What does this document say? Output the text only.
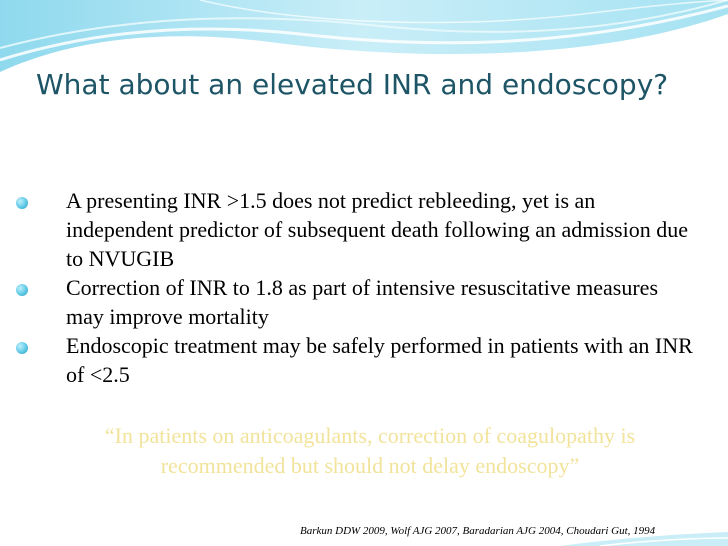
What about an elevated INR and endoscopy?
A presenting INR >1.5 does not predict rebleeding, yet is an independent predictor of subsequent death following an admission due to NVUGIB
Correction of INR to 1.8 as part of intensive resuscitative measures may improve mortality
Endoscopic treatment may be safely performed in patients with an INR of <2.5

“In patients on anticoagulants, correction of coagulopathy is recommended but should not delay endoscopy”

Barkun DDW 2009, Wolf AJG 2007, Baradarian AJG 2004, Choudari Gut, 1994
